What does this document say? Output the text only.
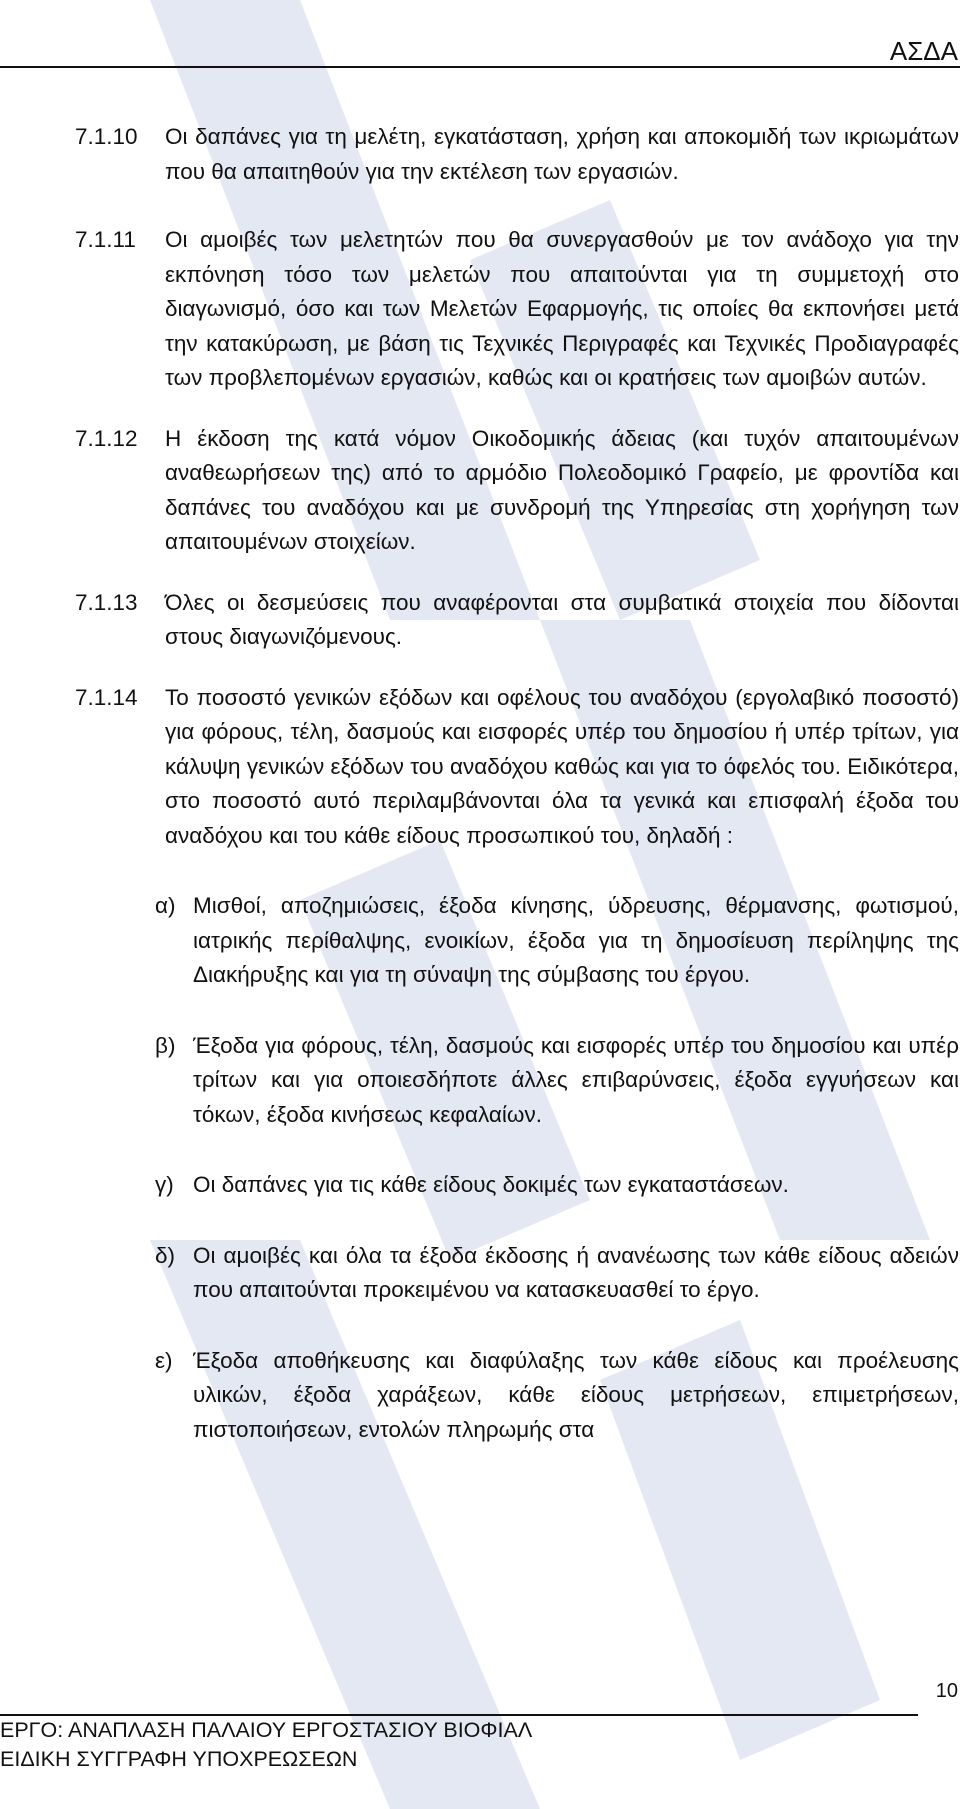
ΑΣΔΑ
7.1.10 Οι δαπάνες για τη μελέτη, εγκατάσταση, χρήση και αποκομιδή των ικριωμάτων που θα απαιτηθούν για την εκτέλεση των εργασιών.
7.1.11 Οι αμοιβές των μελετητών που θα συνεργασθούν με τον ανάδοχο για την εκπόνηση τόσο των μελετών που απαιτούνται για τη συμμετοχή στο διαγωνισμό, όσο και των Μελετών Εφαρμογής, τις οποίες θα εκπονήσει μετά την κατακύρωση, με βάση τις Τεχνικές Περιγραφές και Τεχνικές Προδιαγραφές των προβλεπομένων εργασιών, καθώς και οι κρατήσεις των αμοιβών αυτών.
7.1.12 Η έκδοση της κατά νόμον Οικοδομικής άδειας (και τυχόν απαιτουμένων αναθεωρήσεων της) από το αρμόδιο Πολεοδομικό Γραφείο, με φροντίδα και δαπάνες του αναδόχου και με συνδρομή της Υπηρεσίας στη χορήγηση των απαιτουμένων στοιχείων.
7.1.13 Όλες οι δεσμεύσεις που αναφέρονται στα συμβατικά στοιχεία που δίδονται στους διαγωνιζόμενους.
7.1.14 Το ποσοστό γενικών εξόδων και οφέλους του αναδόχου (εργολαβικό ποσοστό) για φόρους, τέλη, δασμούς και εισφορές υπέρ του δημοσίου ή υπέρ τρίτων, για κάλυψη γενικών εξόδων του αναδόχου καθώς και για το όφελός του. Ειδικότερα, στο ποσοστό αυτό περιλαμβάνονται όλα τα γενικά και επισφαλή έξοδα του αναδόχου και του κάθε είδους προσωπικού του, δηλαδή :
α) Μισθοί, αποζημιώσεις, έξοδα κίνησης, ύδρευσης, θέρμανσης, φωτισμού, ιατρικής περίθαλψης, ενοικίων, έξοδα για τη δημοσίευση περίληψης της Διακήρυξης και για τη σύναψη της σύμβασης του έργου.
β) Έξοδα για φόρους, τέλη, δασμούς και εισφορές υπέρ του δημοσίου και υπέρ τρίτων και για οποιεσδήποτε άλλες επιβαρύνσεις, έξοδα εγγυήσεων και τόκων, έξοδα κινήσεως κεφαλαίων.
γ) Οι δαπάνες για τις κάθε είδους δοκιμές των εγκαταστάσεων.
δ) Οι αμοιβές και όλα τα έξοδα έκδοσης ή ανανέωσης των κάθε είδους αδειών που απαιτούνται προκειμένου να κατασκευασθεί το έργο.
ε) Έξοδα αποθήκευσης και διαφύλαξης των κάθε είδους και προέλευσης υλικών, έξοδα χαράξεων, κάθε είδους μετρήσεων, επιμετρήσεων, πιστοποιήσεων, εντολών πληρωμής στα
10
ΕΡΓΟ: ΑΝΑΠΛΑΣΗ ΠΑΛΑΙΟΥ ΕΡΓΟΣΤΑΣΙΟΥ ΒΙΟΦΙΑΛ
ΕΙΔΙΚΗ ΣΥΓΓΡΑΦΗ ΥΠΟΧΡΕΩΣΕΩΝ
